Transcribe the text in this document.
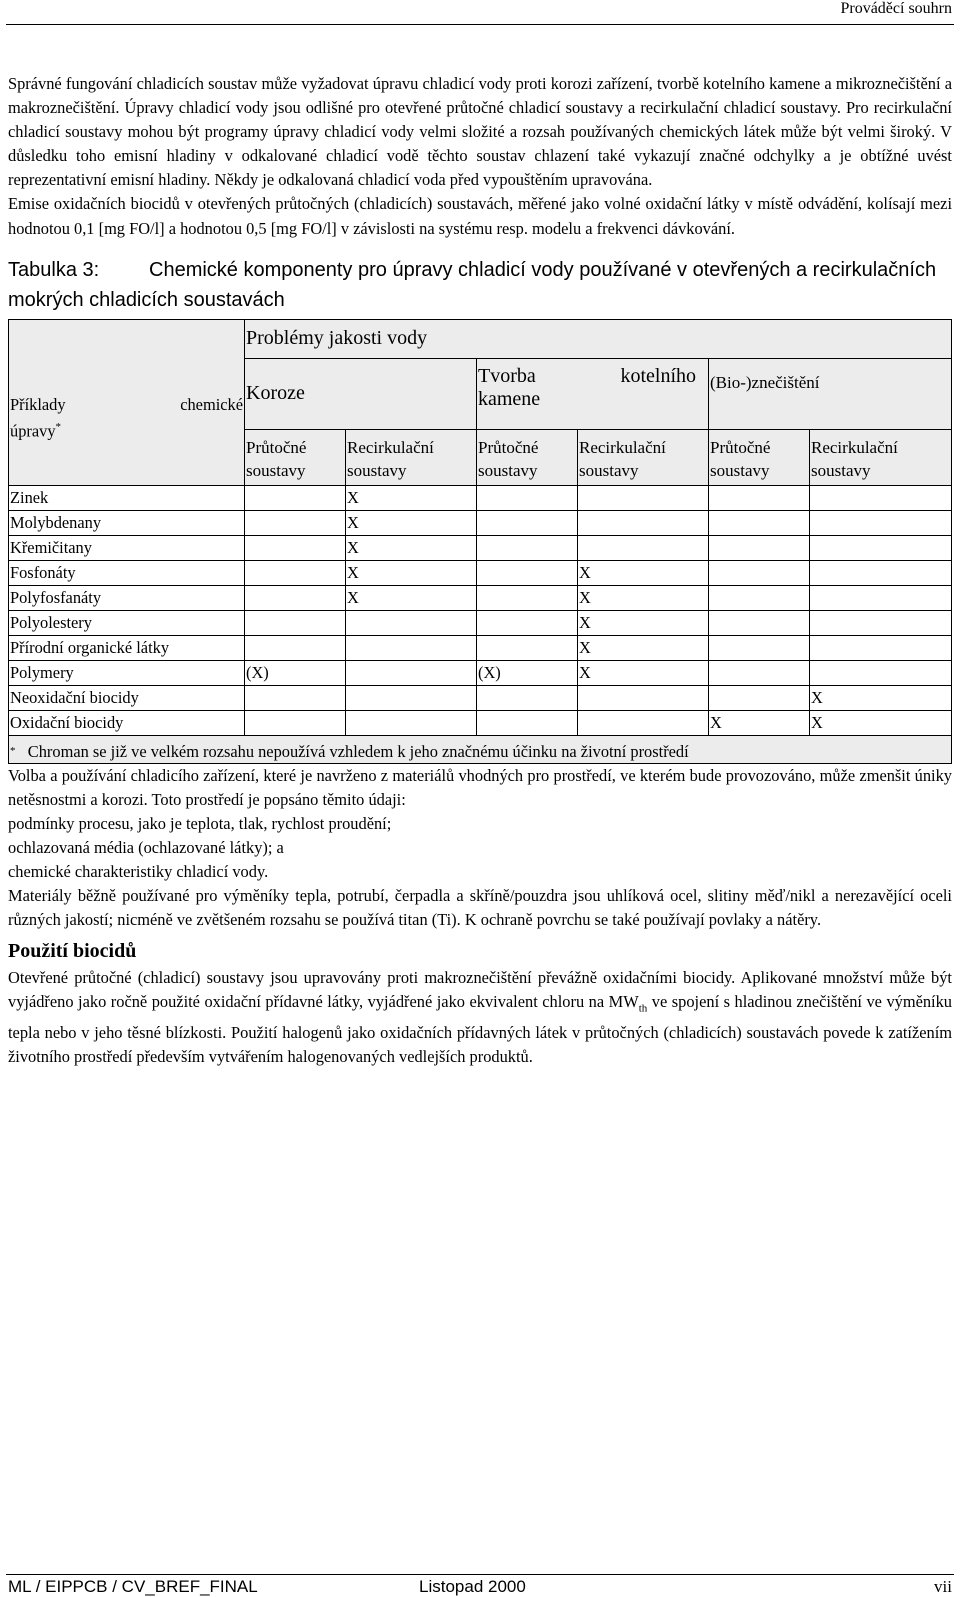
Prováděcí souhrn

Správné fungování chladicích soustav může vyžadovat úpravu chladicí vody proti korozi zařízení, tvorbě kotelního kamene a mikroznečištění a makroznečištění. Úpravy chladicí vody jsou odlišné pro otevřené průtočné chladicí soustavy a recirkulační chladicí soustavy. Pro recirkulační chladicí soustavy mohou být programy úpravy chladicí vody velmi složité a rozsah používaných chemických látek může být velmi široký. V důsledku toho emisní hladiny v odkalované chladicí vodě těchto soustav chlazení také vykazují značné odchylky a je obtížné uvést reprezentativní emisní hladiny. Někdy je odkalovaná chladicí voda před vypouštěním upravována.

Emise oxidačních biocidů v otevřených průtočných (chladicích) soustavách, měřené jako volné oxidační látky v místě odvádění, kolísají mezi hodnotou 0,1 [mg FO/l] a hodnotou 0,5 [mg FO/l] v závislosti na systému resp. modelu a frekvenci dávkování.

Tabulka 3: Chemické komponenty pro úpravy chladicí vody používané v otevřených a recirkulačních mokrých chladicích soustavách
Příklady chemické
úpravy*	Problémy jakosti vody					
	Koroze		Tvorba kotelního
kamene		(Bio-)znečištění	
	Průtočné soustavy	Recirkulační soustavy	Průtočné soustavy	Recirkulační soustavy	Průtočné soustavy	Recirkulační soustavy
Zinek		X				
Molybdenany		X				
Křemičitany		X				
Fosfonáty		X		X		
Polyfosfanáty		X		X		
Polyolestery				X		
Přírodní organické látky				X		
Polymery	(X)		(X)	X		
Neoxidační biocidy						X
Oxidační biocidy					X	X
* Chroman se již ve velkém rozsahu nepoužívá vzhledem k jeho značnému účinku na životní prostředí						

Volba a používání chladicího zařízení, které je navrženo z materiálů vhodných pro prostředí, ve kterém bude provozováno, může zmenšit úniky netěsnostmi a korozi. Toto prostředí je popsáno těmito údaji:

podmínky procesu, jako je teplota, tlak, rychlost proudění;

ochlazovaná média (ochlazované látky); a

chemické charakteristiky chladicí vody.

Materiály běžně používané pro výměníky tepla, potrubí, čerpadla a skříně/pouzdra jsou uhlíková ocel, slitiny měď/nikl a nerezavějící oceli různých jakostí; nicméně ve zvětšeném rozsahu se používá titan (Ti). K ochraně povrchu se také používají povlaky a nátěry.

Použití biocidů

Otevřené průtočné (chladicí) soustavy jsou upravovány proti makroznečištění převážně oxidačními biocidy. Aplikované množství může být vyjádřeno jako ročně použité oxidační přídavné látky, vyjádřené jako ekvivalent chloru na $MW_{th}$ ve spojení s hladinou znečištění ve výměníku tepla nebo v jeho těsné blízkosti. Použití halogenů jako oxidačních přídavných látek v průtočných (chladicích) soustavách povede k zatížením životního prostředí především vytvářením halogenovaných vedlejších produktů.

ML / EIPPCB / CV_BREF_FINAL	Listopad 2000	vii
